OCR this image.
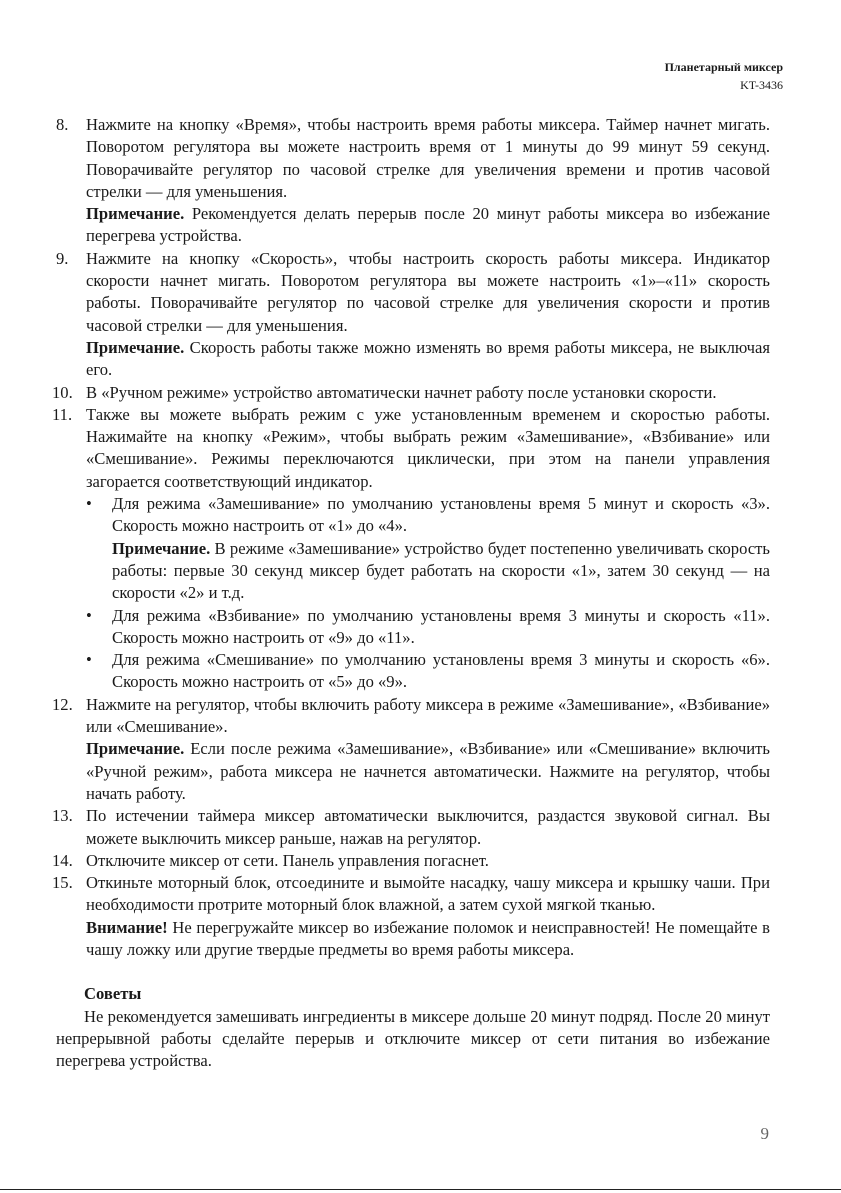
Планетарный миксер
KT-3436
8. Нажмите на кнопку «Время», чтобы настроить время работы миксера. Таймер начнет мигать. Поворотом регулятора вы можете настроить время от 1 минуты до 99 минут 59 секунд. Поворачивайте регулятор по часовой стрелке для увеличения времени и против часовой стрелки — для уменьшения.
Примечание. Рекомендуется делать перерыв после 20 минут работы миксера во избежание перегрева устройства.
9. Нажмите на кнопку «Скорость», чтобы настроить скорость работы миксера. Индикатор скорости начнет мигать. Поворотом регулятора вы можете настроить «1»–«11» скорость работы. Поворачивайте регулятор по часовой стрелке для увеличения скорости и против часовой стрелки — для уменьшения.
Примечание. Скорость работы также можно изменять во время работы миксера, не выключая его.
10. В «Ручном режиме» устройство автоматически начнет работу после установки скорости.
11. Также вы можете выбрать режим с уже установленным временем и скоростью работы. Нажимайте на кнопку «Режим», чтобы выбрать режим «Замешивание», «Взбивание» или «Смешивание». Режимы переключаются циклически, при этом на панели управления загорается соответствующий индикатор.
• Для режима «Замешивание» по умолчанию установлены время 5 минут и скорость «3». Скорость можно настроить от «1» до «4».
Примечание. В режиме «Замешивание» устройство будет постепенно увеличивать скорость работы: первые 30 секунд миксер будет работать на скорости «1», затем 30 секунд — на скорости «2» и т.д.
• Для режима «Взбивание» по умолчанию установлены время 3 минуты и скорость «11». Скорость можно настроить от «9» до «11».
• Для режима «Смешивание» по умолчанию установлены время 3 минуты и скорость «6». Скорость можно настроить от «5» до «9».
12. Нажмите на регулятор, чтобы включить работу миксера в режиме «Замешивание», «Взбивание» или «Смешивание».
Примечание. Если после режима «Замешивание», «Взбивание» или «Смешивание» включить «Ручной режим», работа миксера не начнется автоматически. Нажмите на регулятор, чтобы начать работу.
13. По истечении таймера миксер автоматически выключится, раздастся звуковой сигнал. Вы можете выключить миксер раньше, нажав на регулятор.
14. Отключите миксер от сети. Панель управления погаснет.
15. Откиньте моторный блок, отсоедините и вымойте насадку, чашу миксера и крышку чаши. При необходимости протрите моторный блок влажной, а затем сухой мягкой тканью.
Внимание! Не перегружайте миксер во избежание поломок и неисправностей! Не помещайте в чашу ложку или другие твердые предметы во время работы миксера.
Советы
Не рекомендуется замешивать ингредиенты в миксере дольше 20 минут подряд. После 20 минут непрерывной работы сделайте перерыв и отключите миксер от сети питания во избежание перегрева устройства.
9
